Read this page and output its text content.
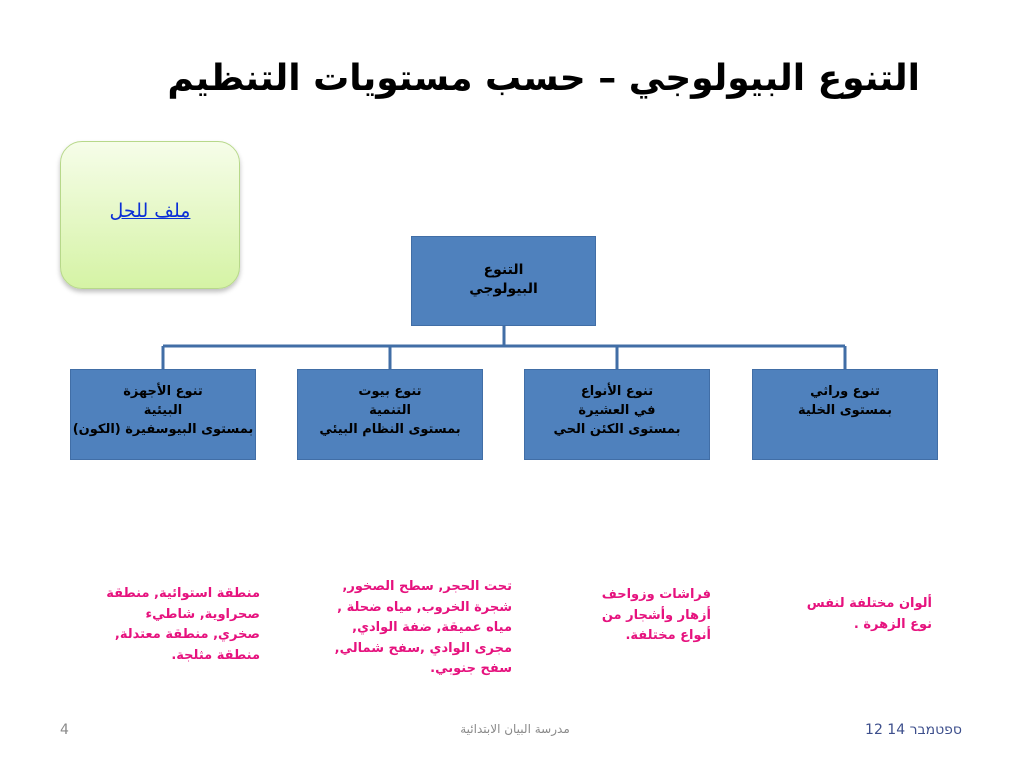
التنوع البيولوجي – حسب مستويات التنظيم
ملف للحل
التنوع
البيولوجي
تنوع الأجهزة
البيئية
بمستوى البيوسفيرة (الكون)
تنوع بيوت
التنمية
بمستوى النظام البيئي
تنوع الأنواع
في العشيرة
بمستوى الكئن الحي
تنوع وراثي
بمستوى الخلية
منطقة استوائية, منطقة
صحراوية, شاطيء
صخري, منطقة معتدلة,
منطقة مثلجة.
تحت الحجر, سطح الصخور,
شجرة الخروب, مياه ضحلة ,
مياه عميقة, ضفة الوادي,
مجرى الوادي ,سفح شمالي,
سفح جنوبي.
فراشات وزواحف
أزهار وأشجار من
أنواع مختلفة.
ألوان مختلفة لنفس
نوع الزهرة .
12 ספטמבר 14
مدرسة البيان الابتدائية
4
